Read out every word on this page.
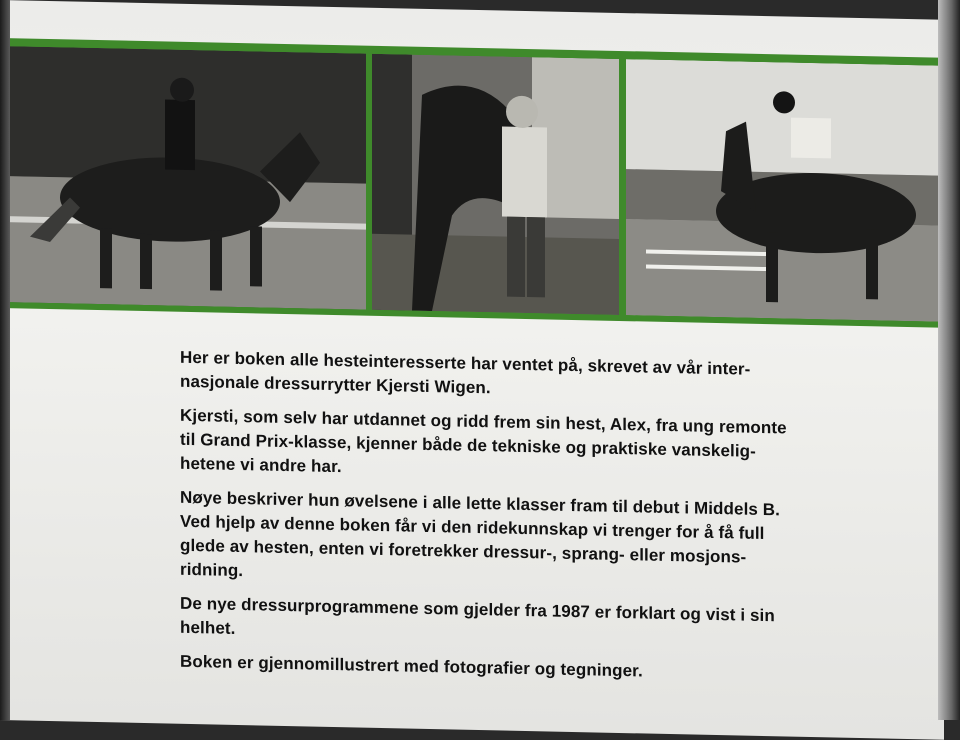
Her er boken alle hesteinteresserte har ventet på, skrevet av vår inter-
nasjonale dressurrytter Kjersti Wigen.

Kjersti, som selv har utdannet og ridd frem sin hest, Alex, fra ung remonte
til Grand Prix-klasse, kjenner både de tekniske og praktiske vanskelig-
hetene vi andre har.

Nøye beskriver hun øvelsene i alle lette klasser fram til debut i Middels B.
Ved hjelp av denne boken får vi den ridekunnskap vi trenger for å få full
glede av hesten, enten vi foretrekker dressur-, sprang- eller mosjons-
ridning.

De nye dressurprogrammene som gjelder fra 1987 er forklart og vist i sin
helhet.

Boken er gjennomillustrert med fotografier og tegninger.
